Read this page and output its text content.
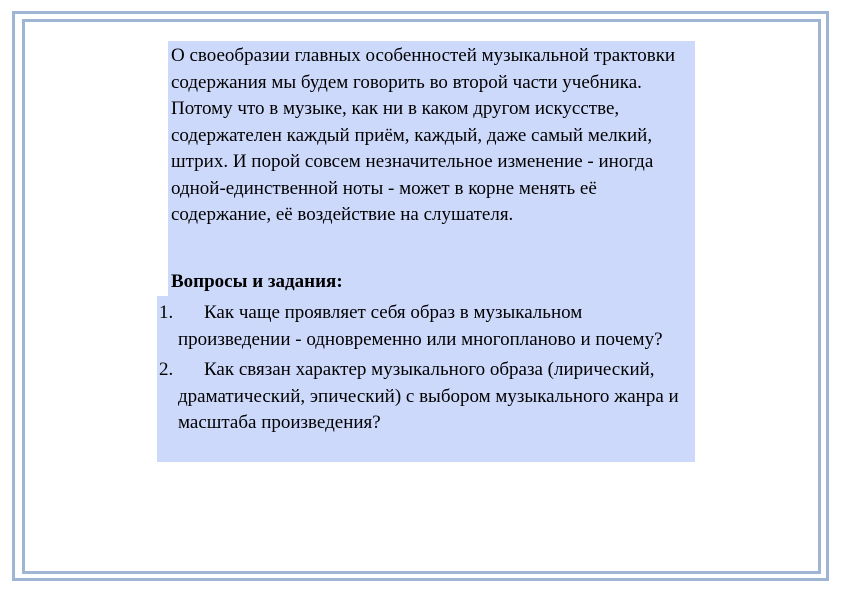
О своеобразии главных особенностей музыкальной трактовки содержания мы будем говорить во второй части учебника. Потому что в музыке, как ни в каком другом искусстве, содержателен каждый приём, каждый, даже самый мелкий, штрих. И порой совсем незначительное изменение - иногда одной-единственной ноты - может в корне менять её содержание, её воздействие на слушателя.
Вопросы и задания:
1. Как чаще проявляет себя образ в музыкальном произведении - одновременно или многопланово и почему?
2. Как связан характер музыкального образа (лирический, драматический, эпический) с выбором музыкального жанра и масштаба произведения?
